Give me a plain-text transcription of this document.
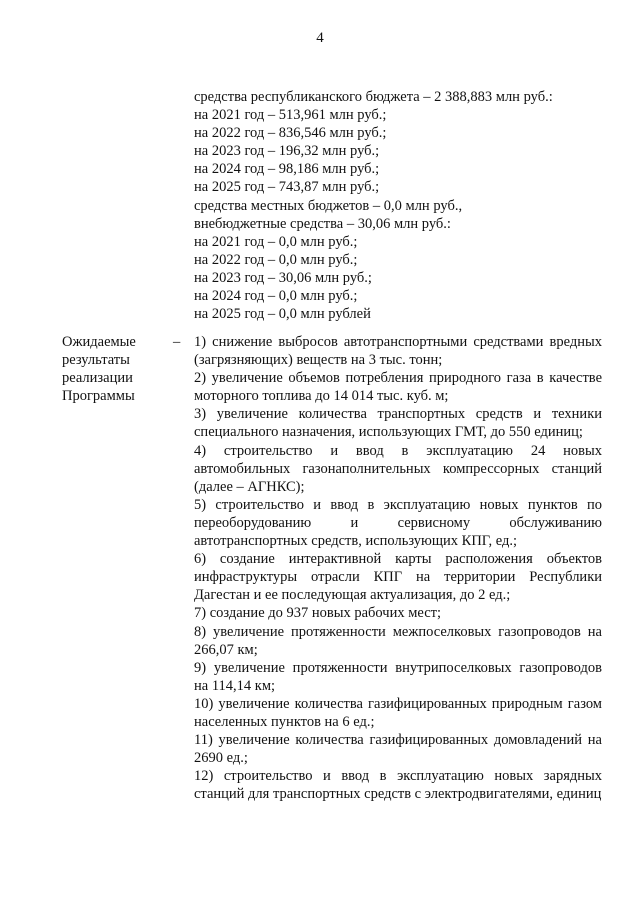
4
средства республиканского бюджета – 2 388,883 млн руб.:
на 2021 год – 513,961 млн руб.;
на 2022 год – 836,546 млн руб.;
на 2023 год – 196,32 млн руб.;
на 2024 год – 98,186 млн руб.;
на 2025 год – 743,87 млн руб.;
средства местных бюджетов – 0,0 млн руб.,
внебюджетные средства – 30,06 млн руб.:
на 2021 год – 0,0 млн руб.;
на 2022 год – 0,0 млн руб.;
на 2023 год – 30,06 млн руб.;
на 2024 год – 0,0 млн руб.;
на 2025 год – 0,0 млн рублей
Ожидаемые
результаты
реализации
Программы
– 1) снижение выбросов автотранспортными средствами вредных (загрязняющих) веществ на 3 тыс. тонн;

2) увеличение объемов потребления природного газа в качестве моторного топлива до 14 014 тыс. куб. м;

3) увеличение количества транспортных средств и техники специального назначения, использующих ГМТ, до 550 единиц;

4) строительство и ввод в эксплуатацию 24 новых автомобильных газонаполнительных компрессорных станций (далее – АГНКС);

5) строительство и ввод в эксплуатацию новых пунктов по переоборудованию и сервисному обслуживанию автотранспортных средств, использующих КПГ, ед.;

6) создание интерактивной карты расположения объектов инфраструктуры отрасли КПГ на территории Республики Дагестан и ее последующая актуализация, до 2 ед.;

7) создание до 937 новых рабочих мест;

8) увеличение протяженности межпоселковых газопроводов на 266,07 км;

9) увеличение протяженности внутрипоселковых газопроводов на 114,14 км;

10) увеличение количества газифицированных природным газом населенных пунктов на 6 ед.;

11) увеличение количества газифицированных домовладений на 2690 ед.;

12) строительство и ввод в эксплуатацию новых зарядных станций для транспортных средств с электродвигателями, единиц
